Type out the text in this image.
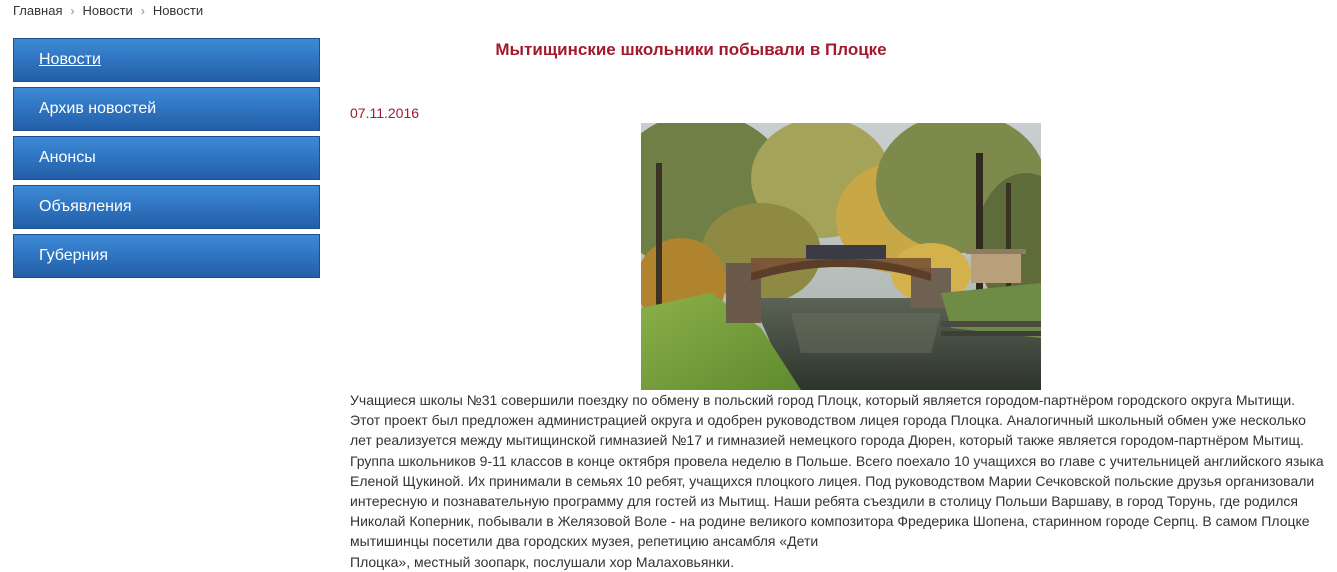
Главная › Новости › Новости
Новости
Архив новостей
Анонсы
Объявления
Губерния
Мытищинские школьники побывали в Плоцке
07.11.2016

Учащиеся школы №31 совершили поездку по обмену в польский город Плоцк, который является городом-партнёром городского округа Мытищи. Этот проект был предложен администрацией округа и одобрен руководством лицея города Плоцка. Аналогичный школьный обмен уже несколько лет реализуется между мытищинской гимназией №17 и гимназией немецкого города Дюрен, который также является городом-партнёром Мытищ. Группа школьников 9-11 классов в конце октября провела неделю в Польше. Всего поехало 10 учащихся во главе с учительницей английского языка Еленой Щукиной. Их принимали в семьях 10 ребят, учащихся плоцкого лицея. Под руководством Марии Сечковской польские друзья организовали интересную и познавательную программу для гостей из Мытищ. Наши ребята съездили в столицу Польши Варшаву, в город Торунь, где родился Николай Коперник, побывали в Желязовой Воле - на родине великого композитора Фредерика Шопена, старинном городе Серпц. В самом Плоцке мытишинцы посетили два городских музея, репетицию ансамбля «Дети

Плоцка», местный зоопарк, послушали хор Малаховьянки.
